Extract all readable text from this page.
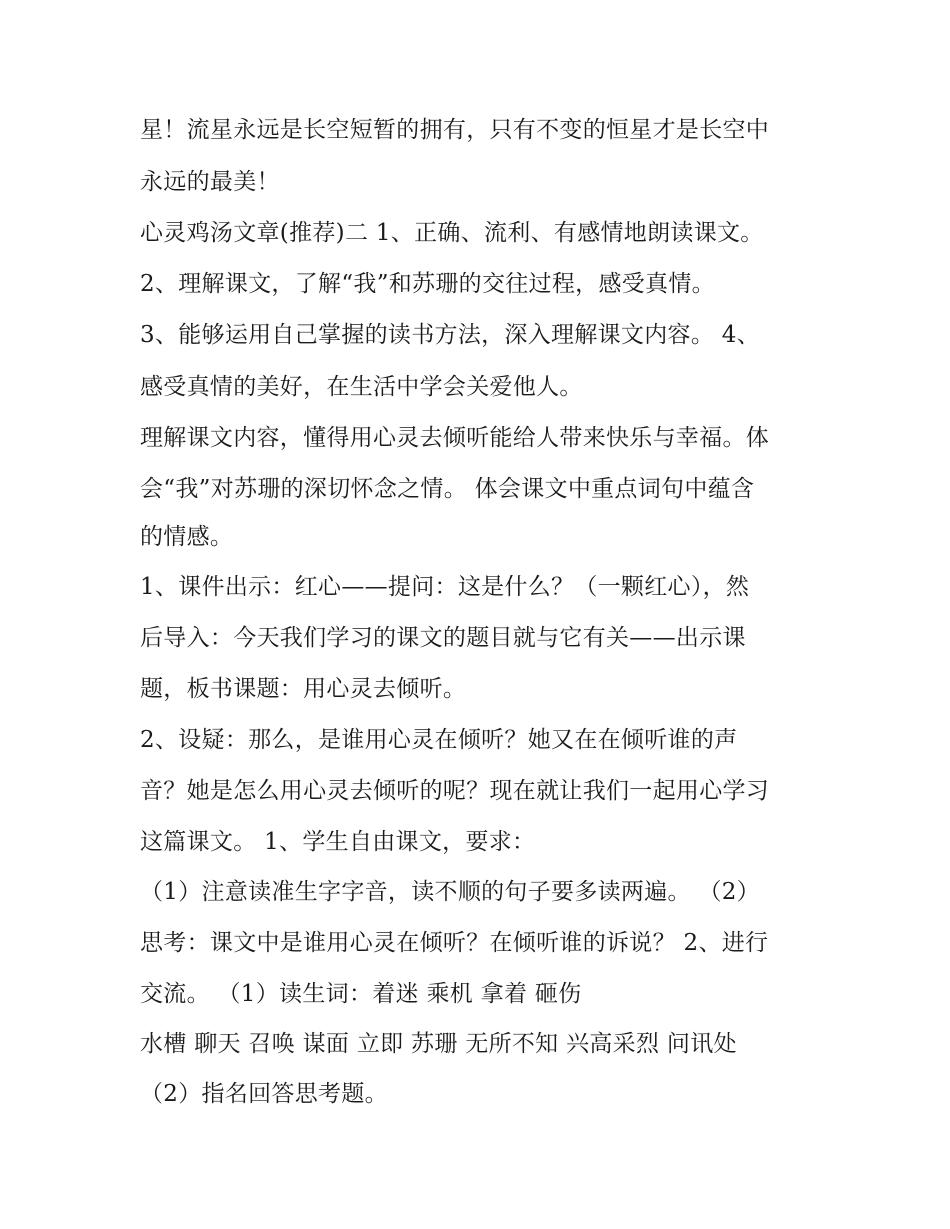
星！流星永远是长空短暂的拥有，只有不变的恒星才是长空中
永远的最美！
心灵鸡汤文章(推荐)二 1、正确、流利、有感情地朗读课文。
2、理解课文，了解“我”和苏珊的交往过程，感受真情。
3、能够运用自己掌握的读书方法，深入理解课文内容。 4、
感受真情的美好，在生活中学会关爱他人。
理解课文内容，懂得用心灵去倾听能给人带来快乐与幸福。体
会“我”对苏珊的深切怀念之情。 体会课文中重点词句中蕴含
的情感。
1、课件出示：红心——提问：这是什么？（一颗红心），然
后导入：今天我们学习的课文的题目就与它有关——出示课
题，板书课题：用心灵去倾听。
2、设疑：那么，是谁用心灵在倾听？她又在在倾听谁的声
音？她是怎么用心灵去倾听的呢？现在就让我们一起用心学习
这篇课文。 1、学生自由课文，要求：
（1）注意读准生字字音，读不顺的句子要多读两遍。 （2）
思考：课文中是谁用心灵在倾听？在倾听谁的诉说？ 2、进行
交流。 （1）读生词：着迷 乘机 拿着 砸伤
水槽 聊天 召唤 谋面 立即 苏珊 无所不知 兴高采烈 问讯处
（2）指名回答思考题。
